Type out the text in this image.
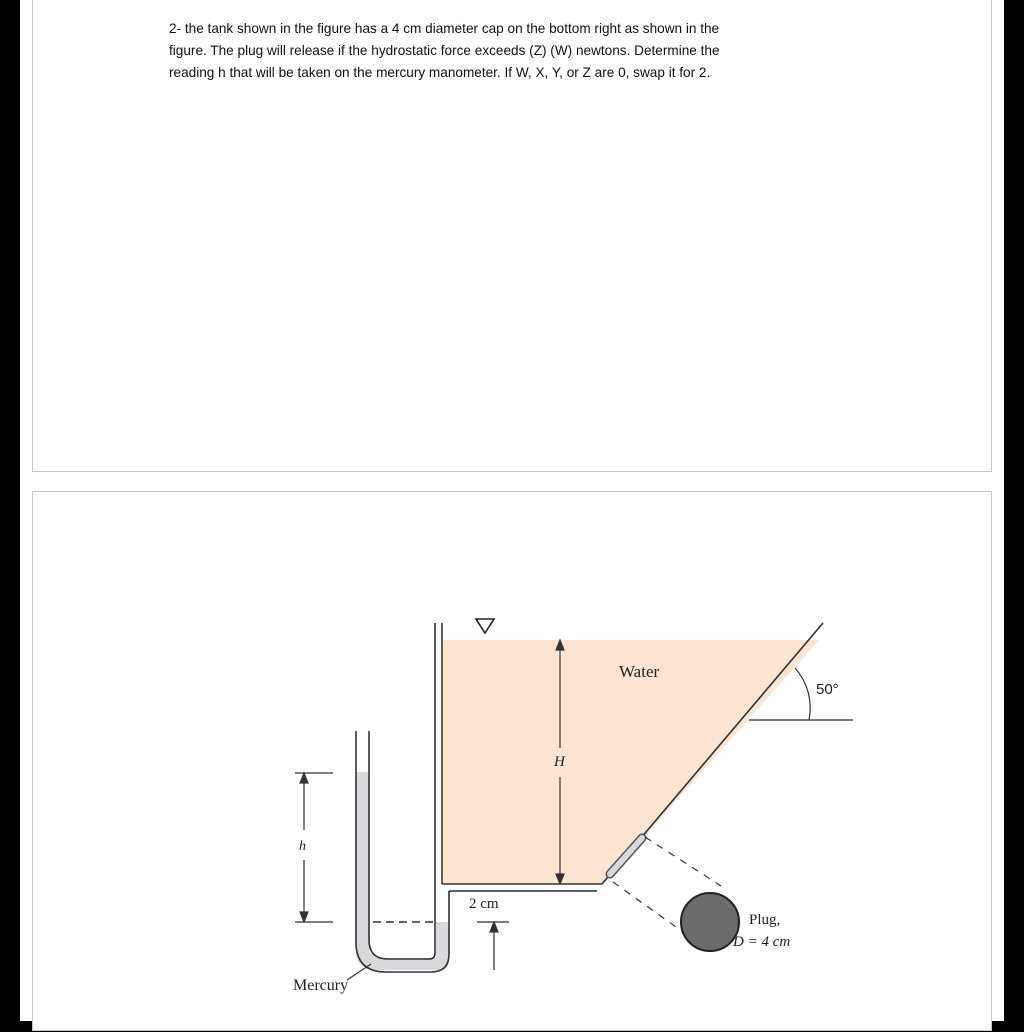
2- the tank shown in the figure has a 4 cm diameter cap on the bottom right as shown in the
figure. The plug will release if the hydrostatic force exceeds (Z) (W) newtons. Determine the
reading h that will be taken on the mercury manometer. If W, X, Y, or Z are 0, swap it for 2.
H
Water
50°
Plug,
D = 4 cm
2 cm
h
Mercury
